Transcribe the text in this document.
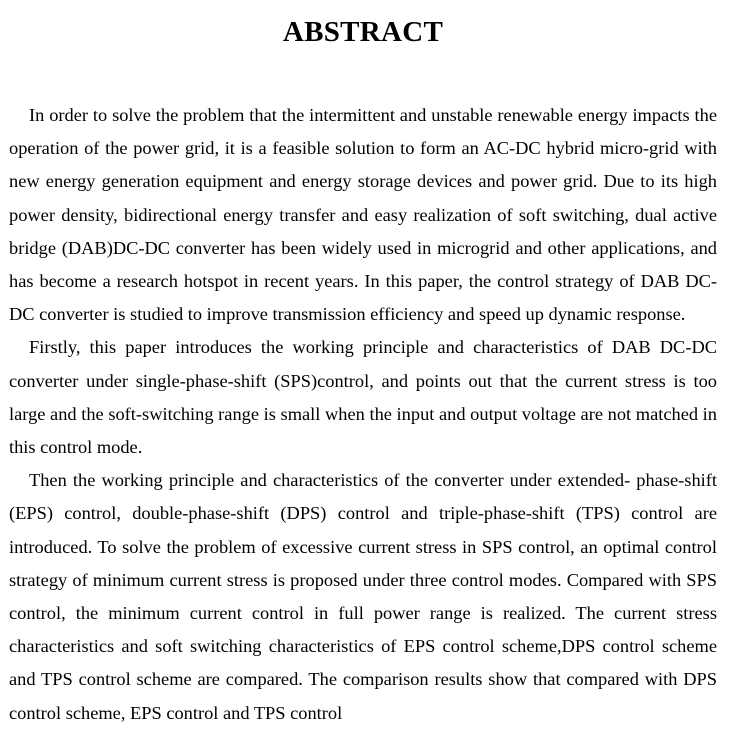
ABSTRACT

In order to solve the problem that the intermittent and unstable renewable energy impacts the operation of the power grid, it is a feasible solution to form an AC-DC hybrid micro-grid with new energy generation equipment and energy storage devices and power grid. Due to its high power density, bidirectional energy transfer and easy realization of soft switching, dual active bridge (DAB)DC-DC converter has been widely used in microgrid and other applications, and has become a research hotspot in recent years. In this paper, the control strategy of DAB DC-DC converter is studied to improve transmission efficiency and speed up dynamic response.

Firstly, this paper introduces the working principle and characteristics of DAB DC-DC converter under single-phase-shift (SPS)control, and points out that the current stress is too large and the soft-switching range is small when the input and output voltage are not matched in this control mode.

Then the working principle and characteristics of the converter under extended- phase-shift (EPS) control, double-phase-shift (DPS) control and triple-phase-shift (TPS) control are introduced. To solve the problem of excessive current stress in SPS control, an optimal control strategy of minimum current stress is proposed under three control modes. Compared with SPS control, the minimum current control in full power range is realized. The current stress characteristics and soft switching characteristics of EPS control scheme,DPS control scheme and TPS control scheme are compared. The comparison results show that compared with DPS control scheme, EPS control and TPS control
